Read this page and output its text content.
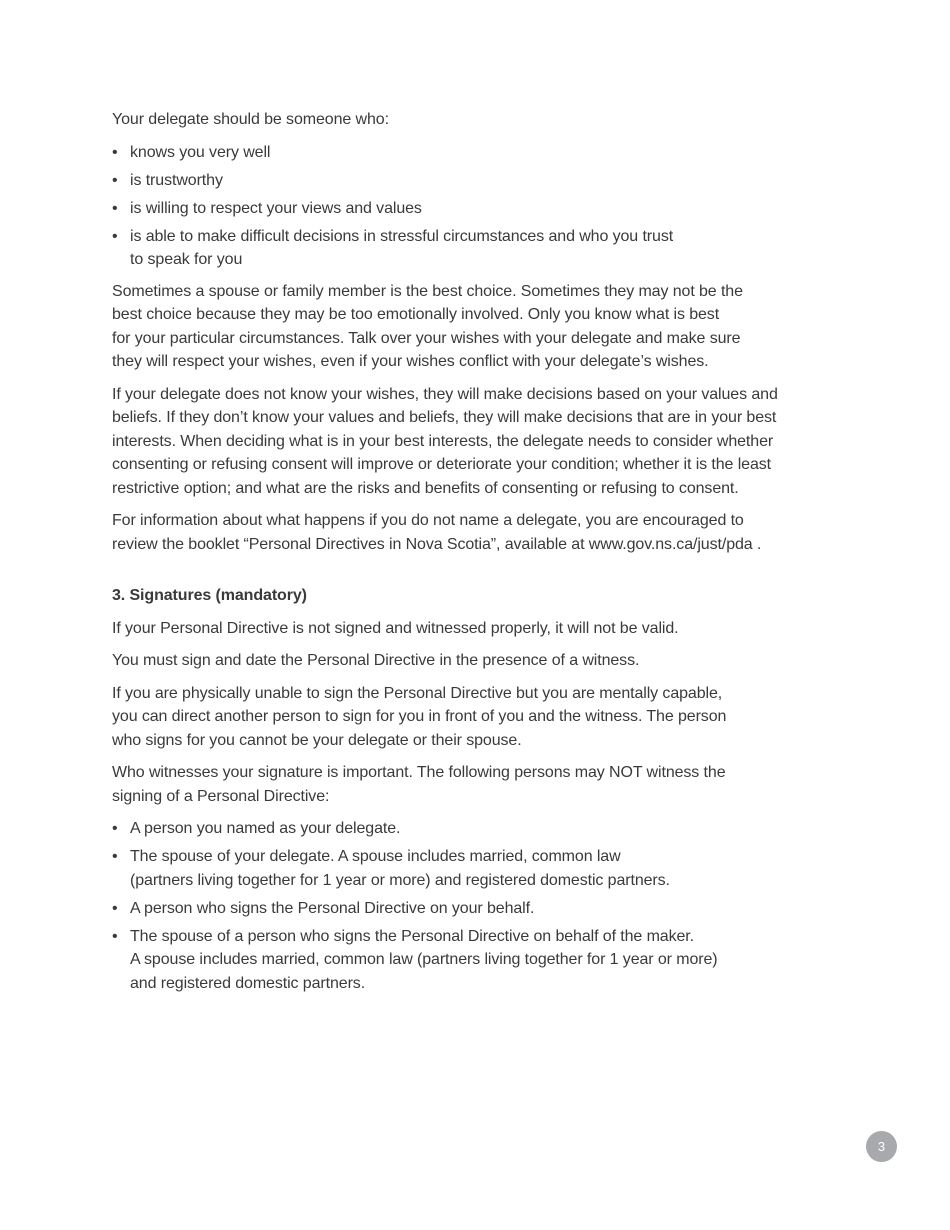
Your delegate should be someone who:

• knows you very well
• is trustworthy
• is willing to respect your views and values
• is able to make difficult decisions in stressful circumstances and who you trust
to speak for you

Sometimes a spouse or family member is the best choice. Sometimes they may not be the
best choice because they may be too emotionally involved. Only you know what is best
for your particular circumstances. Talk over your wishes with your delegate and make sure
they will respect your wishes, even if your wishes conflict with your delegate’s wishes.

If your delegate does not know your wishes, they will make decisions based on your values and
beliefs. If they don’t know your values and beliefs, they will make decisions that are in your best
interests. When deciding what is in your best interests, the delegate needs to consider whether
consenting or refusing consent will improve or deteriorate your condition; whether it is the least
restrictive option; and what are the risks and benefits of consenting or refusing to consent.

For information about what happens if you do not name a delegate, you are encouraged to
review the booklet “Personal Directives in Nova Scotia”, available at www.gov.ns.ca/just/pda .

3. Signatures (mandatory)

If your Personal Directive is not signed and witnessed properly, it will not be valid.

You must sign and date the Personal Directive in the presence of a witness.

If you are physically unable to sign the Personal Directive but you are mentally capable,
you can direct another person to sign for you in front of you and the witness. The person
who signs for you cannot be your delegate or their spouse.

Who witnesses your signature is important. The following persons may NOT witness the
signing of a Personal Directive:

• A person you named as your delegate.
• The spouse of your delegate. A spouse includes married, common law
(partners living together for 1 year or more) and registered domestic partners.
• A person who signs the Personal Directive on your behalf.
• The spouse of a person who signs the Personal Directive on behalf of the maker.
A spouse includes married, common law (partners living together for 1 year or more)
and registered domestic partners.
3
